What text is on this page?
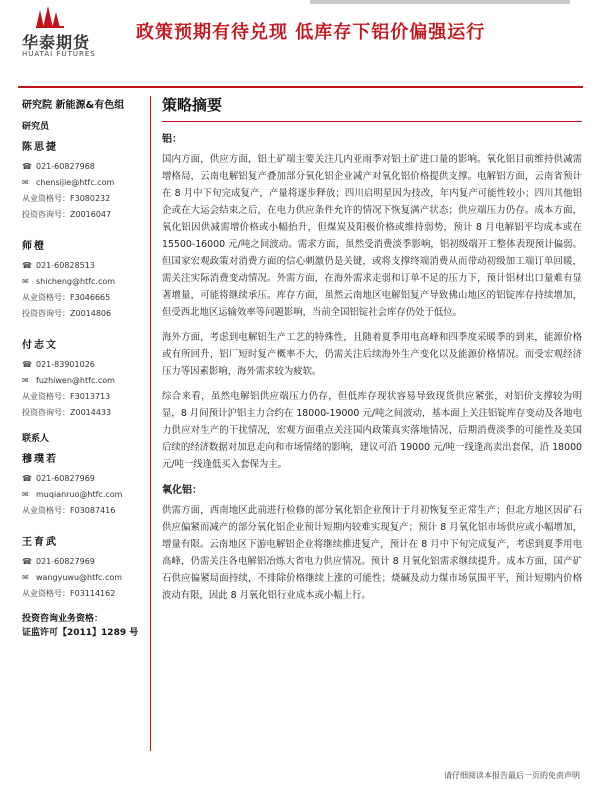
华泰期货
HUATAI FUTURES
政策预期有待兑现 低库存下铝价偏强运行
研究院 新能源&有色组
研究员
陈思捷
☎ 021-60827968
✉ chensijie@htfc.com
从业资格号：F3080232
投资咨询号：Z0016047
师橙
☎ 021-60828513
✉ shicheng@htfc.com
从业资格号：F3046665
投资咨询号：Z0014806
付志文
☎ 021-83901026
✉ fuzhiwen@htfc.com
从业资格号：F3013713
投资咨询号：Z0014433
联系人
穆璞若
☎ 021-60827969
✉ muqianruo@htfc.com
从业资格号：F03087416
王育武
☎ 021-60827969
✉ wangyuwu@htfc.com
从业资格号：F03114162
投资咨询业务资格：
证监许可【2011】1289 号
策略摘要
铝：

国内方面，供应方面，铝土矿端主要关注几内亚雨季对铝土矿进口量的影响。氧化铝目前维持供减需增格局，云南电解铝复产叠加部分氧化铝企业减产对氧化铝价格提供支撑。电解铝方面，云南省预计在 8 月中下旬完成复产，产量将逐步释放；四川启明星因为技改，年内复产可能性较小；四川其他铝企或在大运会结束之后，在电力供应条件允许的情况下恢复满产状态；供应端压力仍存。成本方面，氧化铝因供减需增价格或小幅抬升，但煤炭及阳极价格或维持弱势，预计 8 月电解铝平均成本或在 15500-16000 元/吨之间波动。需求方面，虽然受消费淡季影响，铝初级端开工整体表现预计偏弱。但国家宏观政策对消费方面的信心刺激仍是关键，或将支撑终端消费从而带动初级加工端订单回暖，需关注实际消费变动情况。外需方面，在海外需求走弱和订单不足的压力下，预计铝材出口量难有显著增量，可能将继续承压。库存方面，虽然云南地区电解铝复产导致佛山地区的铝锭库存持续增加，但受西北地区运输效率等问题影响，当前全国铝锭社会库存仍处于低位。

海外方面，考虑到电解铝生产工艺的特殊性，且随着夏季用电高峰和四季度采暖季的到来，能源价格或有所回升，铝厂短时复产概率不大，仍需关注后续海外生产变化以及能源价格情况。而受宏观经济压力等因素影响，海外需求较为疲软。

综合来看，虽然电解铝供应端压力仍存，但低库存现状容易导致现货供应紧张，对铝价支撑较为明显，8 月间预计沪铝主力合约在 18000-19000 元/吨之间波动，基本面上关注铝锭库存变动及各地电力供应对生产的干扰情况，宏观方面重点关注国内政策真实落地情况、后期消费淡季的可能性及美国后续的经济数据对加息走向和市场情绪的影响，建议可沿 19000 元/吨一线逢高卖出套保，沿 18000 元/吨一线逢低买入套保为主。

氧化铝：

供需方面，西南地区此前进行检修的部分氧化铝企业预计于月初恢复至正常生产；但北方地区因矿石供应偏紧而减产的部分氧化铝企业预计短期内较难实现复产；预计 8 月氧化铝市场供应或小幅增加，增量有限。云南地区下游电解铝企业将继续推进复产，预计在 8 月中下旬完成复产，考虑到夏季用电高峰，仍需关注各电解铝冶炼大省电力供应情况。预计 8 月氧化铝需求继续提升。成本方面，国产矿石供应偏紧局面持续，不排除价格继续上涨的可能性；烧碱及动力煤市场氛围平平，预计短期内价格波动有限，因此 8 月氧化铝行业成本或小幅上行。

请仔细阅读本报告最后一页的免责声明
